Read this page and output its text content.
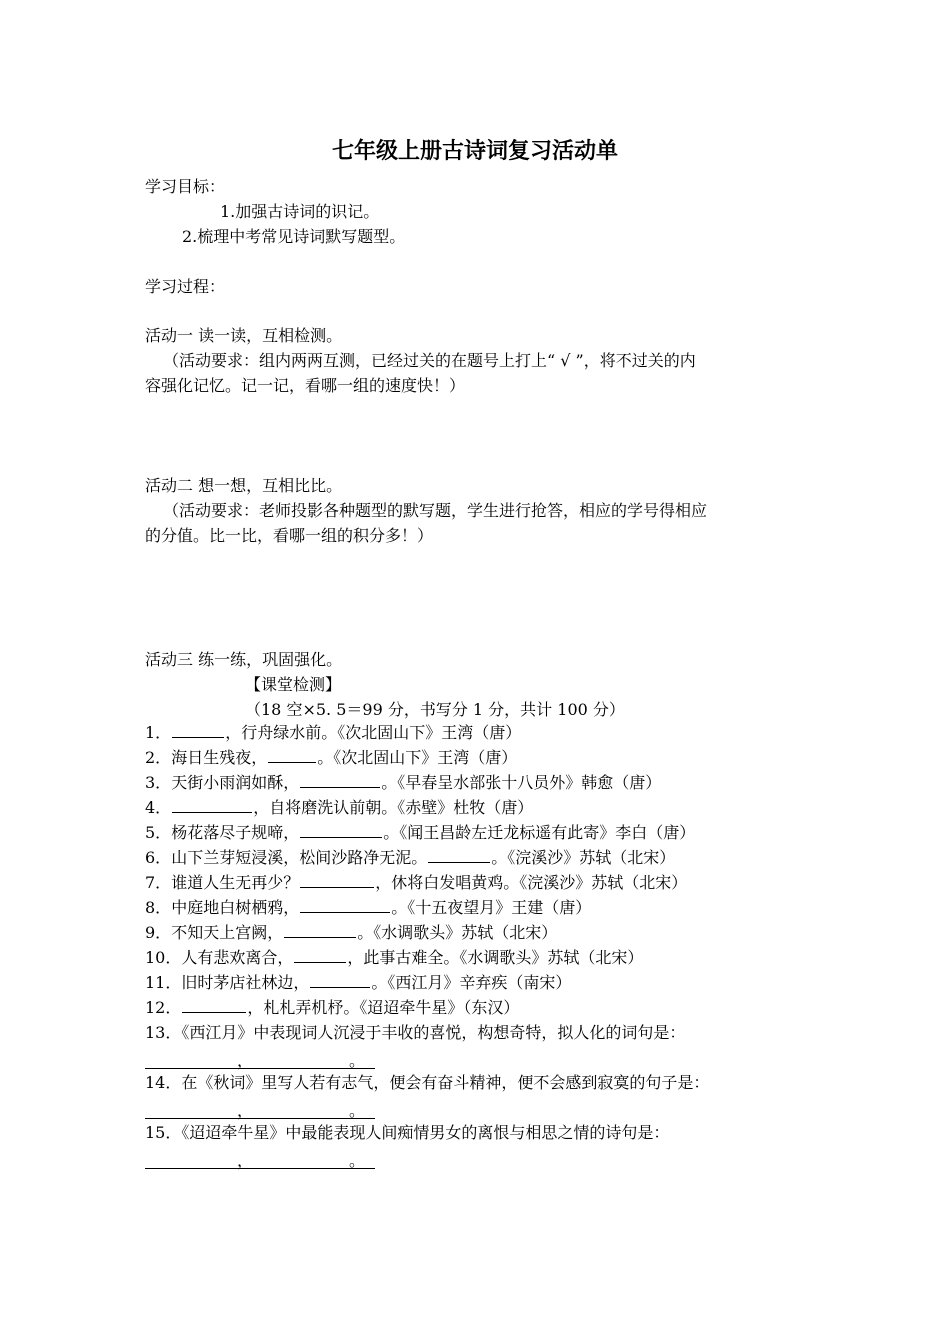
七年级上册古诗词复习活动单
学习目标：
1.加强古诗词的识记。
2.梳理中考常见诗词默写题型。
学习过程：
活动一 读一读，互相检测。
（活动要求：组内两两互测，已经过关的在题号上打上“ √ ”，将不过关的内
容强化记忆。记一记，看哪一组的速度快！）
活动二 想一想，互相比比。
（活动要求：老师投影各种题型的默写题，学生进行抢答，相应的学号得相应
的分值。比一比，看哪一组的积分多！）
活动三 练一练，巩固强化。
【课堂检测】
（18 空×5. 5＝99 分，书写分 1 分，共计 100 分）
1．	，行舟绿水前。《次北固山下》王湾（唐）
2．海日生残夜，	。《次北固山下》王湾（唐）
3．天街小雨润如酥，	。《早春呈水部张十八员外》韩愈（唐）
4．	，自将磨洗认前朝。《赤壁》杜牧（唐）
5．杨花落尽子规啼，	。《闻王昌龄左迁龙标遥有此寄》李白（唐）
6．山下兰芽短浸溪，松间沙路净无泥。	。《浣溪沙》苏轼（北宋）
7．谁道人生无再少？	，休将白发唱黄鸡。《浣溪沙》苏轼（北宋）
8．中庭地白树栖鸦，	。《十五夜望月》王建（唐）
9．不知天上宫阙，	。《水调歌头》苏轼（北宋）
10．人有悲欢离合，	，此事古难全。《水调歌头》苏轼（北宋）
11．旧时茅店社林边，	。《西江月》辛弃疾（南宋）
12．	，札札弄机杼。《迢迢牵牛星》（东汉）
13．《西江月》中表现词人沉浸于丰收的喜悦，构想奇特，拟人化的词句是：
，	。
14．在《秋词》里写人若有志气，便会有奋斗精神，便不会感到寂寞的句子是：
，	。
15．《迢迢牵牛星》中最能表现人间痴情男女的离恨与相思之情的诗句是：
，	。
